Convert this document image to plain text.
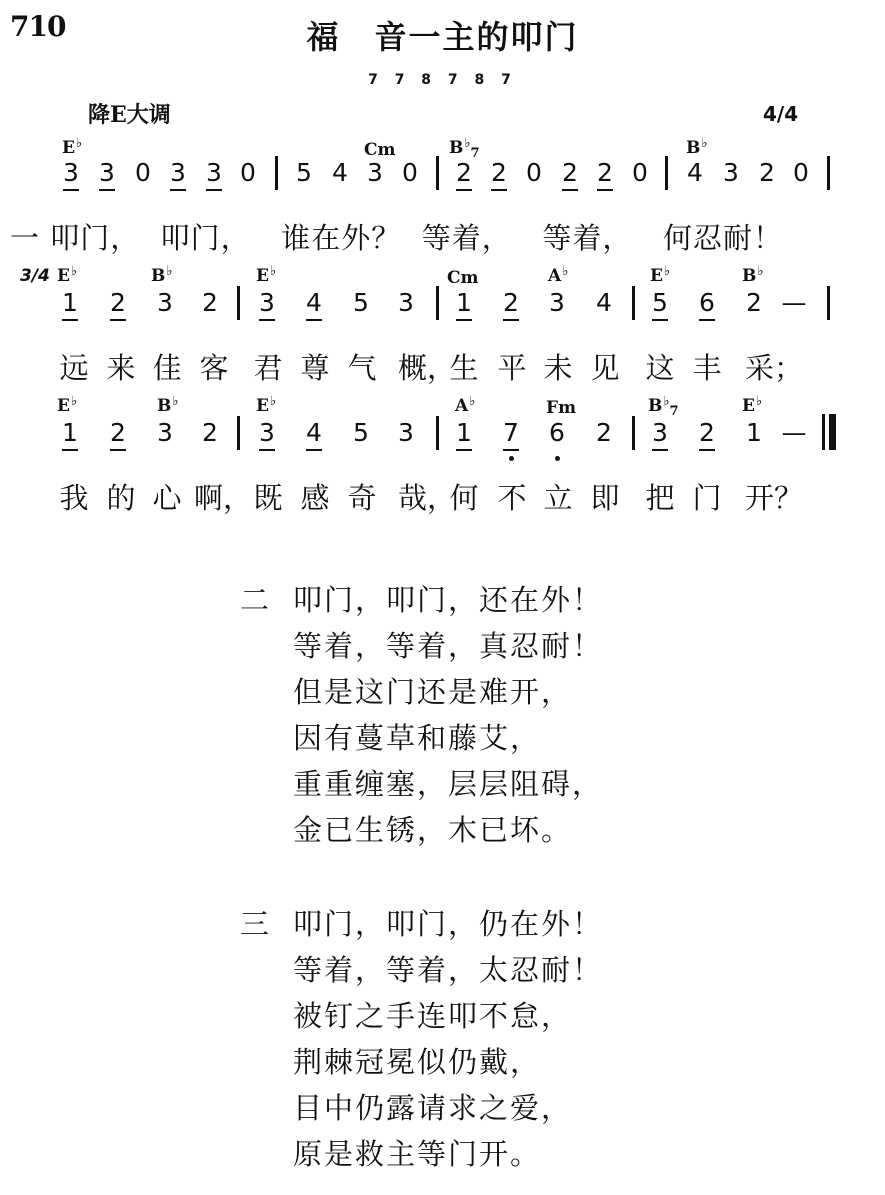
710	福　音一主的叩门
7 7 8 7 8 7
降E大调	4/4
3/4
E♭	Cm	$B^♭_7$	B♭
3 3 0 3 3 0 5 4 3 0 2 2 0 2 2 0 4 3 2 0
一 叩门，  叩门，   谁在外？  等着，   等着，   何忍耐！
E♭	B♭	E♭	Cm	A♭	E♭	B♭
1 2 3 2 3 4 5 3 1 2 3 4 5 6 2 —
远 来 佳 客 君 尊 气 概，
生 平 未 见 这 丰 采；
E♭	B♭	E♭	A♭	Fm	$B^♭_7$	E♭
1 2 3 2 3 4 5 3 1 7 6 2 3 2 1 —
我 的 心 啊， 既 感 奇 哉，
何 不 立 即 把 门 开？
二 叩门，叩门，还在外！
等着，等着，真忍耐！
但是这门还是难开，
因有蔓草和藤艾，
重重缠塞，层层阻碍，
金已生锈，木已坏。
三 叩门，叩门，仍在外！
等着，等着，太忍耐！
被钉之手连叩不怠，
荆棘冠冕似仍戴，
目中仍露请求之爱，
原是救主等门开。
